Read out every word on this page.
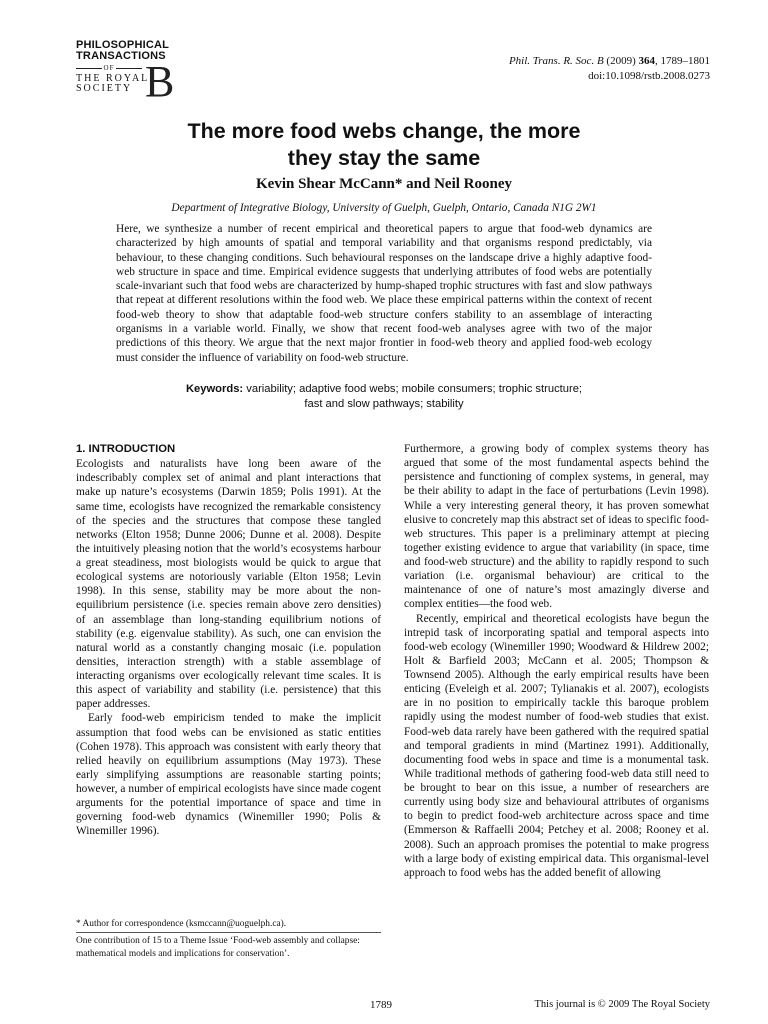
PHILOSOPHICAL
TRANSACTIONS
OF
THE ROYAL
SOCIETY B	Phil. Trans. R. Soc. B (2009) 364, 1789–1801
doi:10.1098/rstb.2008.0273
The more food webs change, the more
they stay the same
Kevin Shear McCann* and Neil Rooney
Department of Integrative Biology, University of Guelph, Guelph, Ontario, Canada N1G 2W1
Here, we synthesize a number of recent empirical and theoretical papers to argue that food-web dynamics are characterized by high amounts of spatial and temporal variability and that organisms respond predictably, via behaviour, to these changing conditions. Such behavioural responses on the landscape drive a highly adaptive food-web structure in space and time. Empirical evidence suggests that underlying attributes of food webs are potentially scale-invariant such that food webs are characterized by hump-shaped trophic structures with fast and slow pathways that repeat at different resolutions within the food web. We place these empirical patterns within the context of recent food-web theory to show that adaptable food-web structure confers stability to an assemblage of interacting organisms in a variable world. Finally, we show that recent food-web analyses agree with two of the major predictions of this theory. We argue that the next major frontier in food-web theory and applied food-web ecology must consider the influence of variability on food-web structure.
Keywords: variability; adaptive food webs; mobile consumers; trophic structure;
fast and slow pathways; stability
1. INTRODUCTION

Ecologists and naturalists have long been aware of the indescribably complex set of animal and plant interactions that make up nature’s ecosystems (Darwin 1859; Polis 1991). At the same time, ecologists have recognized the remarkable consistency of the species and the structures that compose these tangled networks (Elton 1958; Dunne 2006; Dunne et al. 2008). Despite the intuitively pleasing notion that the world’s ecosystems harbour a great steadiness, most biologists would be quick to argue that ecological systems are notoriously variable (Elton 1958; Levin 1998). In this sense, stability may be more about the non-equilibrium persistence (i.e. species remain above zero densities) of an assemblage than long-standing equilibrium notions of stability (e.g. eigenvalue stability). As such, one can envision the natural world as a constantly changing mosaic (i.e. population densities, interaction strength) with a stable assemblage of interacting organisms over ecologically relevant time scales. It is this aspect of variability and stability (i.e. persistence) that this paper addresses.

Early food-web empiricism tended to make the implicit assumption that food webs can be envisioned as static entities (Cohen 1978). This approach was consistent with early theory that relied heavily on equilibrium assumptions (May 1973). These early simplifying assumptions are reasonable starting points; however, a number of empirical ecologists have since made cogent arguments for the potential importance of space and time in governing food-web dynamics (Winemiller 1990; Polis & Winemiller 1996).

Furthermore, a growing body of complex systems theory has argued that some of the most fundamental aspects behind the persistence and functioning of complex systems, in general, may be their ability to adapt in the face of perturbations (Levin 1998). While a very interesting general theory, it has proven somewhat elusive to concretely map this abstract set of ideas to specific food-web structures. This paper is a preliminary attempt at piecing together existing evidence to argue that variability (in space, time and food-web structure) and the ability to rapidly respond to such variation (i.e. organismal behaviour) are critical to the maintenance of one of nature’s most amazingly diverse and complex entities—the food web.

Recently, empirical and theoretical ecologists have begun the intrepid task of incorporating spatial and temporal aspects into food-web ecology (Winemiller 1990; Woodward & Hildrew 2002; Holt & Barfield 2003; McCann et al. 2005; Thompson & Townsend 2005). Although the early empirical results have been enticing (Eveleigh et al. 2007; Tylianakis et al. 2007), ecologists are in no position to empirically tackle this baroque problem rapidly using the modest number of food-web studies that exist. Food-web data rarely have been gathered with the required spatial and temporal gradients in mind (Martinez 1991). Additionally, documenting food webs in space and time is a monumental task. While traditional methods of gathering food-web data still need to be brought to bear on this issue, a number of researchers are currently using body size and behavioural attributes of organisms to begin to predict food-web architecture across space and time (Emmerson & Raffaelli 2004; Petchey et al. 2008; Rooney et al. 2008). Such an approach promises the potential to make progress with a large body of existing empirical data. This organismal-level approach to food webs has the added benefit of allowing

* Author for correspondence (ksmccann@uoguelph.ca).
One contribution of 15 to a Theme Issue ‘Food-web assembly and collapse: mathematical models and implications for conservation’.
1789	This journal is © 2009 The Royal Society
